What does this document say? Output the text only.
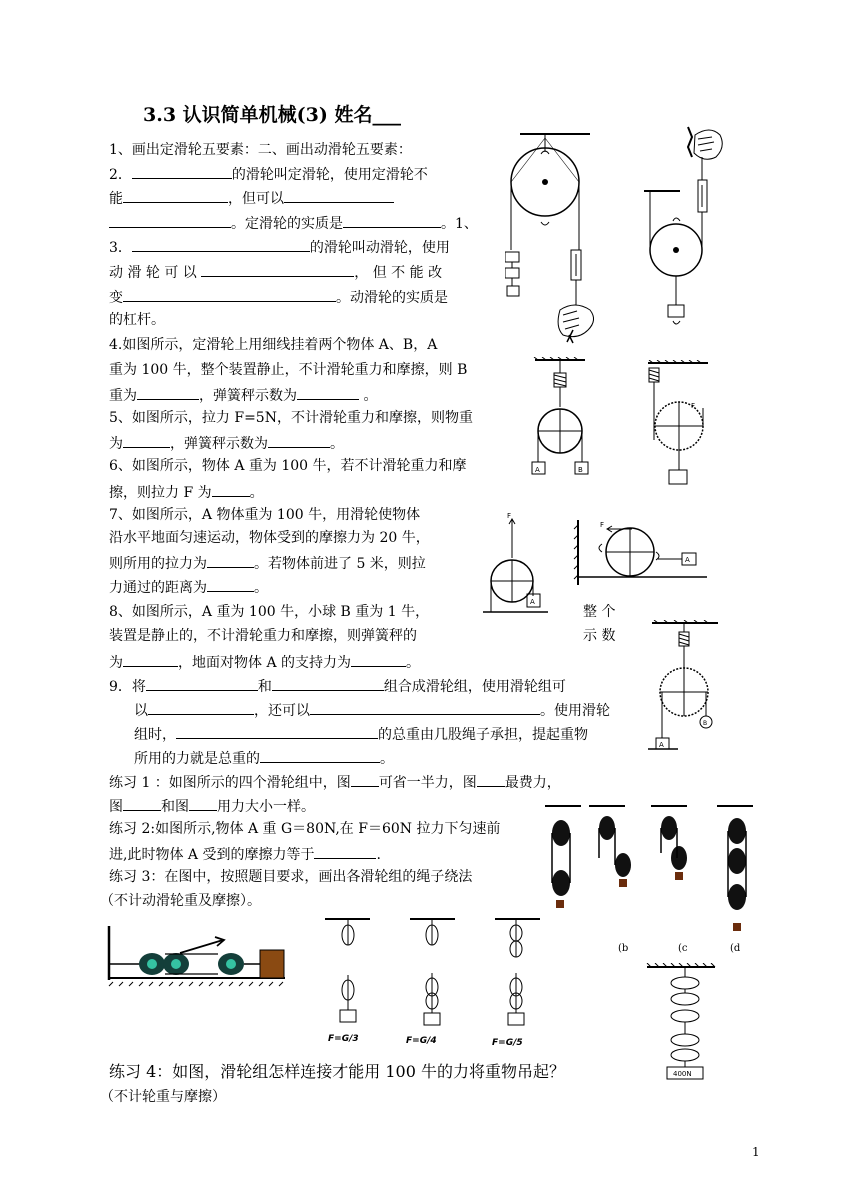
3.3 认识简单机械(3) 姓名___
1、画出定滑轮五要素：二、画出动滑轮五要素：
2．	的滑轮叫定滑轮，使用定滑轮不
能	，但可以
。定滑轮的实质是	。1、
3．	的滑轮叫动滑轮，使用
动 滑 轮 可 以	， 但 不 能 改
变	。动滑轮的实质是
的杠杆。
4.如图所示，定滑轮上用细线挂着两个物体 A、B，A
重为 100 牛，整个装置静止，不计滑轮重力和摩擦，则 B
重为	，弹簧秤示数为	。
5、如图所示，拉力 F=5N，不计滑轮重力和摩擦，则物重
为	，弹簧秤示数为	。
6、如图所示，物体 A 重为 100 牛，若不计滑轮重力和摩
擦，则拉力 F 为	。
7、如图所示，A 物体重为 100 牛，用滑轮使物体
沿水平地面匀速运动，物体受到的摩擦力为 20 牛，
则所用的拉力为	。若物体前进了 5 米，则拉
力通过的距离为	。
8、如图所示，A 重为 100 牛，小球 B 重为 1 牛，	整 个
装置是静止的，不计滑轮重力和摩擦，则弹簧秤的	示 数
为	，地面对物体 A 的支持力为	。
9．将	和	组合成滑轮组，使用滑轮组可
以	，还可以	。使用滑轮
组时，	的总重由几股绳子承担，提起重物
所用的力就是总重的	。
练习 1 ：如图所示的四个滑轮组中，图 可省一半力，图 最费力，
图	和图 用力大小一样。
练习 2:如图所示,物体 A 重 G＝80N,在 F＝60N 拉力下匀速前
进,此时物体 A 受到的摩擦力等于	.
练习 3：在图中，按照题目要求，画出各滑轮组的绳子绕法
（不计动滑轮重及摩擦）。
练习 4：如图，滑轮组怎样连接才能用 100 牛的力将重物吊起？
（不计轮重与摩擦）
1
A	B
F
F
A
F
A
B
A
(b	(c	(d
F=G/3	F=G/4	F=G/5
400N
